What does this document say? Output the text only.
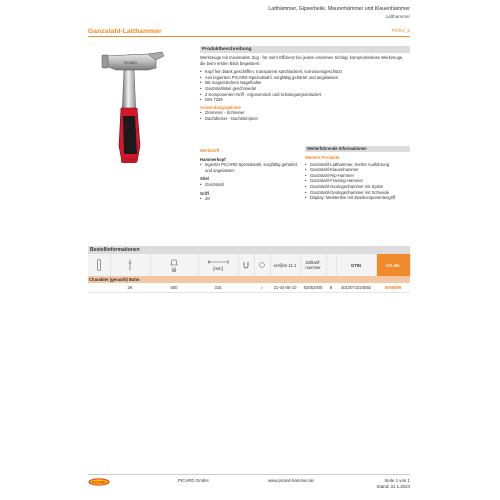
Latthämmer, Gipserbeile, Maurerhämmer und Klauenhämmer
Latthammer
Ganzstahl-Latthammer	PGR2_2
PICARD
Produktbeschreibung

Werkzeuge mit maximalem Zug - für mehr Effizienz bei jedem einzelnen Schlag: kompromisslose Werkzeuge, die beim ersten Blick begeistern.

• Kopf fein blank geschliffen, transparent sprühlackiert, korrosionsgeschützt
• Aus legiertem PICARD-Spezialstahl, sorgfältig gehärtet und angelassen
• Mit magnetischem Nagelhalter
• Ganzstahlstiel geschmiedet
• 2 Komponenten-Griff , ergonomisch und schwingungsreduziert
• DIN 7239
Anwendungsgebiete
• Zimmerer - Schreiner
• Dachdecker - Dachklempner
Werkstoff
Hammerkopf
• legierter PICARD-Spezialstahl, sorgfältig gehärtet und angelassen
Stiel
• Ganzstahl
Griff
• 2K
Weiterführende Informationen
Weitere Produkte
• Ganzstahl-Latthammer, leichte Ausführung
• Ganzstahl-Klauenhammer
• Ganzstahl-Rip-Hammer
• Ganzstahl-Framing-Hammer
• Ganzstahl-Geologenhammer mit Spitze
• Ganzstahl-Geologenhammer mit Schneide
• Display: Meisterline mit Zweikomponentengriff
Bestellinformationen

[g]	[mm]			ecl@ss 11.1	Zolltarif-nummer		GTIN	Art.-Nr.
Charakter (gerauht) Bahn										
	2K	600	315		✓	21-04-05-10	82052000	6	4010071024592	0068999
PICARD	PICARD GmbH	www.picard-hammer.de	Seite 1 von 1
Stand: 31.1.2024
